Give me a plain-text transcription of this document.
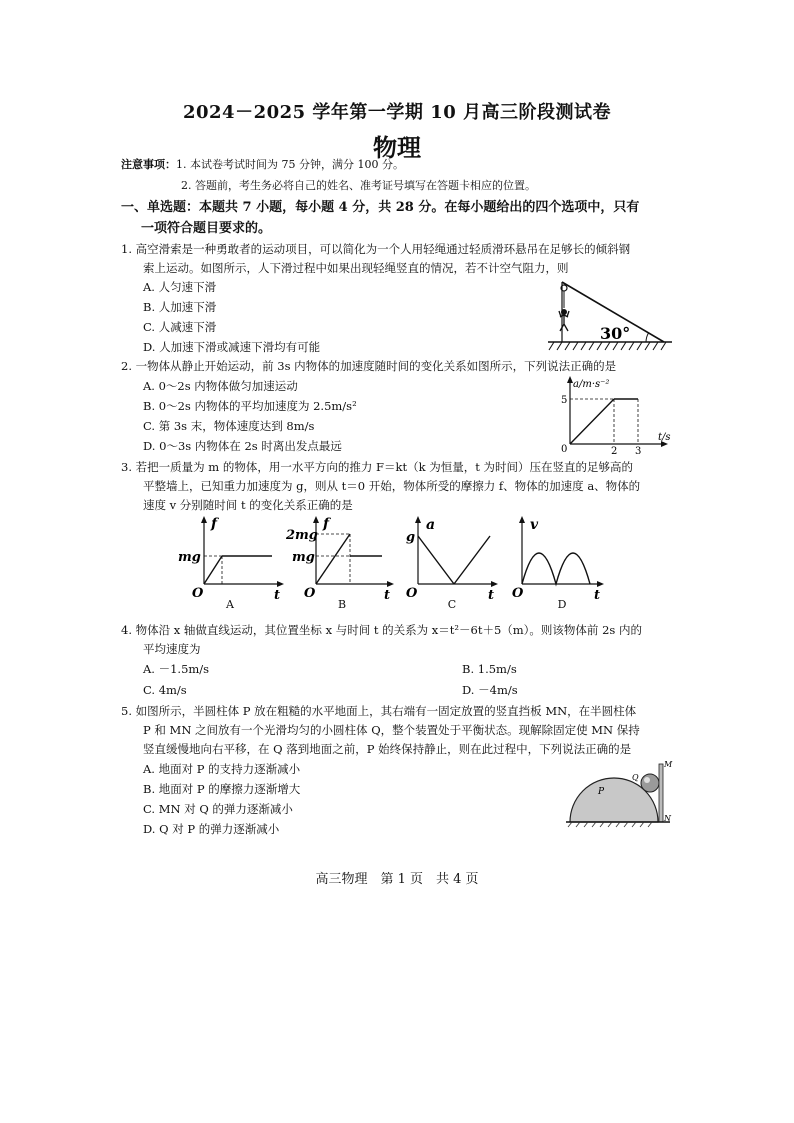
2024－2025 学年第一学期 10 月高三阶段测试卷
物理
注意事项：1. 本试卷考试时间为 75 分钟，满分 100 分。
2. 答题前，考生务必将自己的姓名、准考证号填写在答题卡相应的位置。
一、单选题：本题共 7 小题，每小题 4 分，共 28 分。在每小题给出的四个选项中，只有
一项符合题目要求的。
1. 高空滑索是一种勇敢者的运动项目，可以简化为一个人用轻绳通过轻质滑环悬吊在足够长的倾斜钢
索上运动。如图所示，人下滑过程中如果出现轻绳竖直的情况，若不计空气阻力，则
A. 人匀速下滑
B. 人加速下滑
C. 人减速下滑
D. 人加速下滑或减速下滑均有可能
30°
2. 一物体从静止开始运动，前 3s 内物体的加速度随时间的变化关系如图所示，下列说法正确的是
A. 0～2s 内物体做匀加速运动
B. 0～2s 内物体的平均加速度为 2.5m/s²
C. 第 3s 末，物体速度达到 8m/s
D. 0～3s 内物体在 2s 时离出发点最远
a/m·s⁻²
t/s
5
0	2 3
3. 若把一质量为 m 的物体，用一水平方向的推力 F＝kt（k 为恒量，t 为时间）压在竖直的足够高的
平整墙上，已知重力加速度为 g，则从 t＝0 开始，物体所受的摩擦力 f、物体的加速度 a、物体的
速度 v 分别随时间 t 的变化关系正确的是
f
mg
O	t
A
f
2mg
mg
O	t
B
a
g
O	t
C
v
O	t
D
4. 物体沿 x 轴做直线运动，其位置坐标 x 与时间 t 的关系为 x＝t²－6t＋5（m）。则该物体前 2s 内的
平均速度为
A. －1.5m/s	B. 1.5m/s
C. 4m/s	D. －4m/s
5. 如图所示，半圆柱体 P 放在粗糙的水平地面上，其右端有一固定放置的竖直挡板 MN，在半圆柱体
P 和 MN 之间放有一个光滑均匀的小圆柱体 Q，整个装置处于平衡状态。现解除固定使 MN 保持
竖直缓慢地向右平移，在 Q 落到地面之前，P 始终保持静止，则在此过程中，下列说法正确的是
A. 地面对 P 的支持力逐渐减小
B. 地面对 P 的摩擦力逐渐增大
C. MN 对 Q 的弹力逐渐减小
D. Q 对 P 的弹力逐渐减小
P
Q
M
N
高三物理　第 1 页　共 4 页
